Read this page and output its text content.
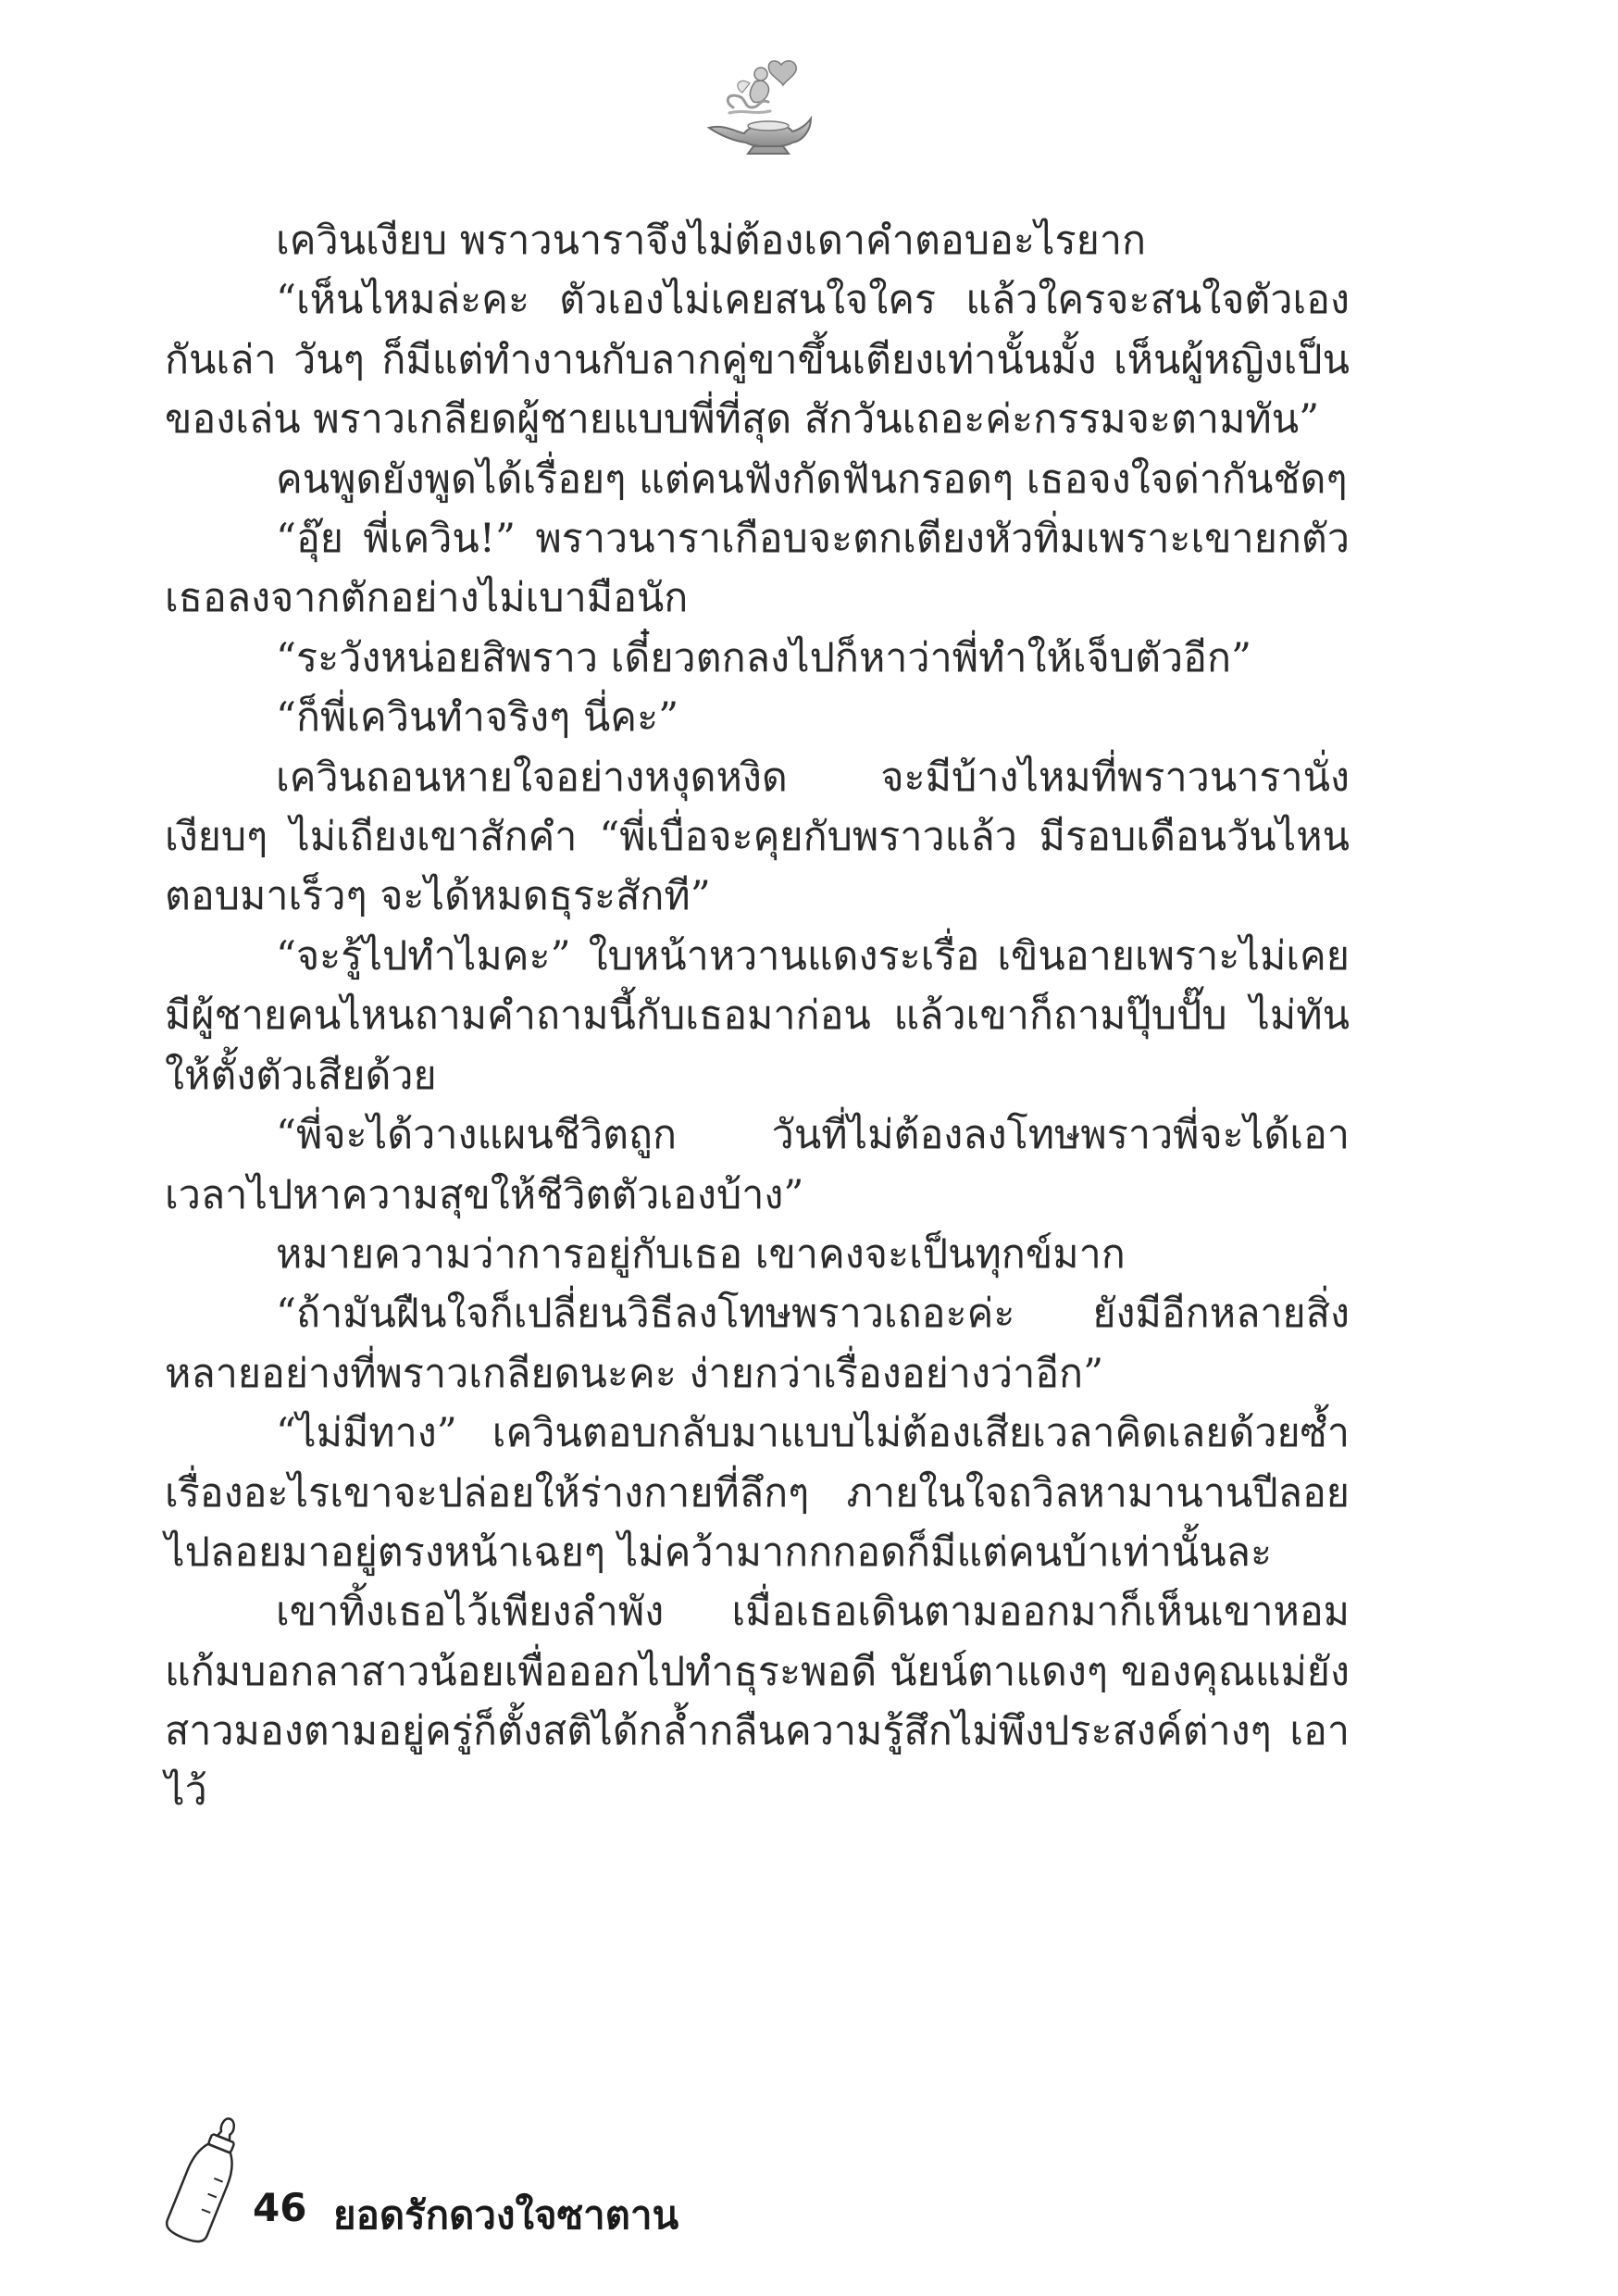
เควินเงียบ พราวนาราจึงไม่ต้องเดาคำตอบอะไรยาก

“เห็นไหมล่ะคะ ตัวเองไม่เคยสนใจใคร แล้วใครจะสนใจตัวเองกันเล่า วันๆ ก็มีแต่ทำงานกับลากคู่ขาขึ้นเตียงเท่านั้นมั้ง เห็นผู้หญิงเป็นของเล่น พราวเกลียดผู้ชายแบบพี่ที่สุด สักวันเถอะค่ะกรรมจะตามทัน”

คนพูดยังพูดได้เรื่อยๆ แต่คนฟังกัดฟันกรอดๆ เธอจงใจด่ากันชัดๆ

“อุ๊ย พี่เควิน!” พราวนาราเกือบจะตกเตียงหัวทิ่มเพราะเขายกตัวเธอลงจากตักอย่างไม่เบามือนัก

“ระวังหน่อยสิพราว เดี๋ยวตกลงไปก็หาว่าพี่ทำให้เจ็บตัวอีก”

“ก็พี่เควินทำจริงๆ นี่คะ”

เควินถอนหายใจอย่างหงุดหงิด จะมีบ้างไหมที่พราวนารานั่งเงียบๆ ไม่เถียงเขาสักคำ “พี่เบื่อจะคุยกับพราวแล้ว มีรอบเดือนวันไหนตอบมาเร็วๆ จะได้หมดธุระสักที”

“จะรู้ไปทำไมคะ” ใบหน้าหวานแดงระเรื่อ เขินอายเพราะไม่เคยมีผู้ชายคนไหนถามคำถามนี้กับเธอมาก่อน แล้วเขาก็ถามปุ๊บปั๊บ ไม่ทันให้ตั้งตัวเสียด้วย

“พี่จะได้วางแผนชีวิตถูก วันที่ไม่ต้องลงโทษพราวพี่จะได้เอาเวลาไปหาความสุขให้ชีวิตตัวเองบ้าง”

หมายความว่าการอยู่กับเธอ เขาคงจะเป็นทุกข์มาก

“ถ้ามันฝืนใจก็เปลี่ยนวิธีลงโทษพราวเถอะค่ะ ยังมีอีกหลายสิ่งหลายอย่างที่พราวเกลียดนะคะ ง่ายกว่าเรื่องอย่างว่าอีก”

“ไม่มีทาง” เควินตอบกลับมาแบบไม่ต้องเสียเวลาคิดเลยด้วยซ้ำ เรื่องอะไรเขาจะปล่อยให้ร่างกายที่ลึกๆ ภายในใจถวิลหามานานปีลอยไปลอยมาอยู่ตรงหน้าเฉยๆ ไม่คว้ามากกกอดก็มีแต่คนบ้าเท่านั้นละ

เขาทิ้งเธอไว้เพียงลำพัง เมื่อเธอเดินตามออกมาก็เห็นเขาหอมแก้มบอกลาสาวน้อยเพื่อออกไปทำธุระพอดี นัยน์ตาแดงๆ ของคุณแม่ยังสาวมองตามอยู่ครู่ก็ตั้งสติได้กล้ำกลืนความรู้สึกไม่พึงประสงค์ต่างๆ เอาไว้

46 ยอดรักดวงใจซาตาน
